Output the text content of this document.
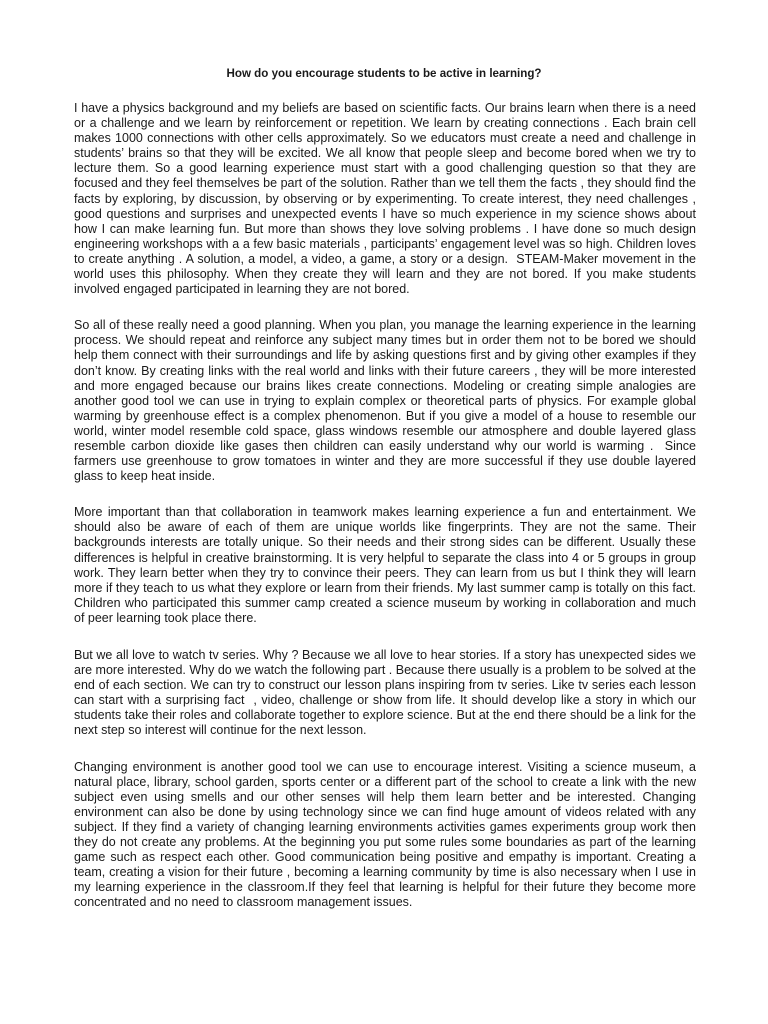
How do you encourage students to be active in learning?

I have a physics background and my beliefs are based on scientific facts. Our brains learn when there is a need or a challenge and we learn by reinforcement or repetition. We learn by creating connections . Each brain cell makes 1000 connections with other cells approximately. So we educators must create a need and challenge in students’ brains so that they will be excited. We all know that people sleep and become bored when we try to lecture them. So a good learning experience must start with a good challenging question so that they are focused and they feel themselves be part of the solution. Rather than we tell them the facts , they should find the facts by exploring, by discussion, by observing or by experimenting. To create interest, they need challenges , good questions and surprises and unexpected events I have so much experience in my science shows about how I can make learning fun. But more than shows they love solving problems . I have done so much design engineering workshops with a a few basic materials , participants’ engagement level was so high. Children loves to create anything . A solution, a model, a video, a game, a story or a design.  STEAM-Maker movement in the world uses this philosophy. When they create they will learn and they are not bored. If you make students involved engaged participated in learning they are not bored.

So all of these really need a good planning. When you plan, you manage the learning experience in the learning process. We should repeat and reinforce any subject many times but in order them not to be bored we should help them connect with their surroundings and life by asking questions first and by giving other examples if they don’t know. By creating links with the real world and links with their future careers , they will be more interested and more engaged because our brains likes create connections. Modeling or creating simple analogies are another good tool we can use in trying to explain complex or theoretical parts of physics. For example global warming by greenhouse effect is a complex phenomenon. But if you give a model of a house to resemble our world, winter model resemble cold space, glass windows resemble our atmosphere and double layered glass resemble carbon dioxide like gases then children can easily understand why our world is warming .  Since farmers use greenhouse to grow tomatoes in winter and they are more successful if they use double layered glass to keep heat inside.

More important than that collaboration in teamwork makes learning experience a fun and entertainment. We should also be aware of each of them are unique worlds like fingerprints. They are not the same. Their backgrounds interests are totally unique. So their needs and their strong sides can be different. Usually these differences is helpful in creative brainstorming. It is very helpful to separate the class into 4 or 5 groups in group work. They learn better when they try to convince their peers. They can learn from us but I think they will learn more if they teach to us what they explore or learn from their friends. My last summer camp is totally on this fact. Children who participated this summer camp created a science museum by working in collaboration and much of peer learning took place there.

But we all love to watch tv series. Why ? Because we all love to hear stories. If a story has unexpected sides we are more interested. Why do we watch the following part . Because there usually is a problem to be solved at the end of each section. We can try to construct our lesson plans inspiring from tv series. Like tv series each lesson can start with a surprising fact  , video, challenge or show from life. It should develop like a story in which our students take their roles and collaborate together to explore science. But at the end there should be a link for the next step so interest will continue for the next lesson.

Changing environment is another good tool we can use to encourage interest. Visiting a science museum, a natural place, library, school garden, sports center or a different part of the school to create a link with the new subject even using smells and our other senses will help them learn better and be interested. Changing environment can also be done by using technology since we can find huge amount of videos related with any subject. If they find a variety of changing learning environments activities games experiments group work then they do not create any problems. At the beginning you put some rules some boundaries as part of the learning game such as respect each other. Good communication being positive and empathy is important. Creating a team, creating a vision for their future , becoming a learning community by time is also necessary when I use in my learning experience in the classroom.If they feel that learning is helpful for their future they become more concentrated and no need to classroom management issues.
